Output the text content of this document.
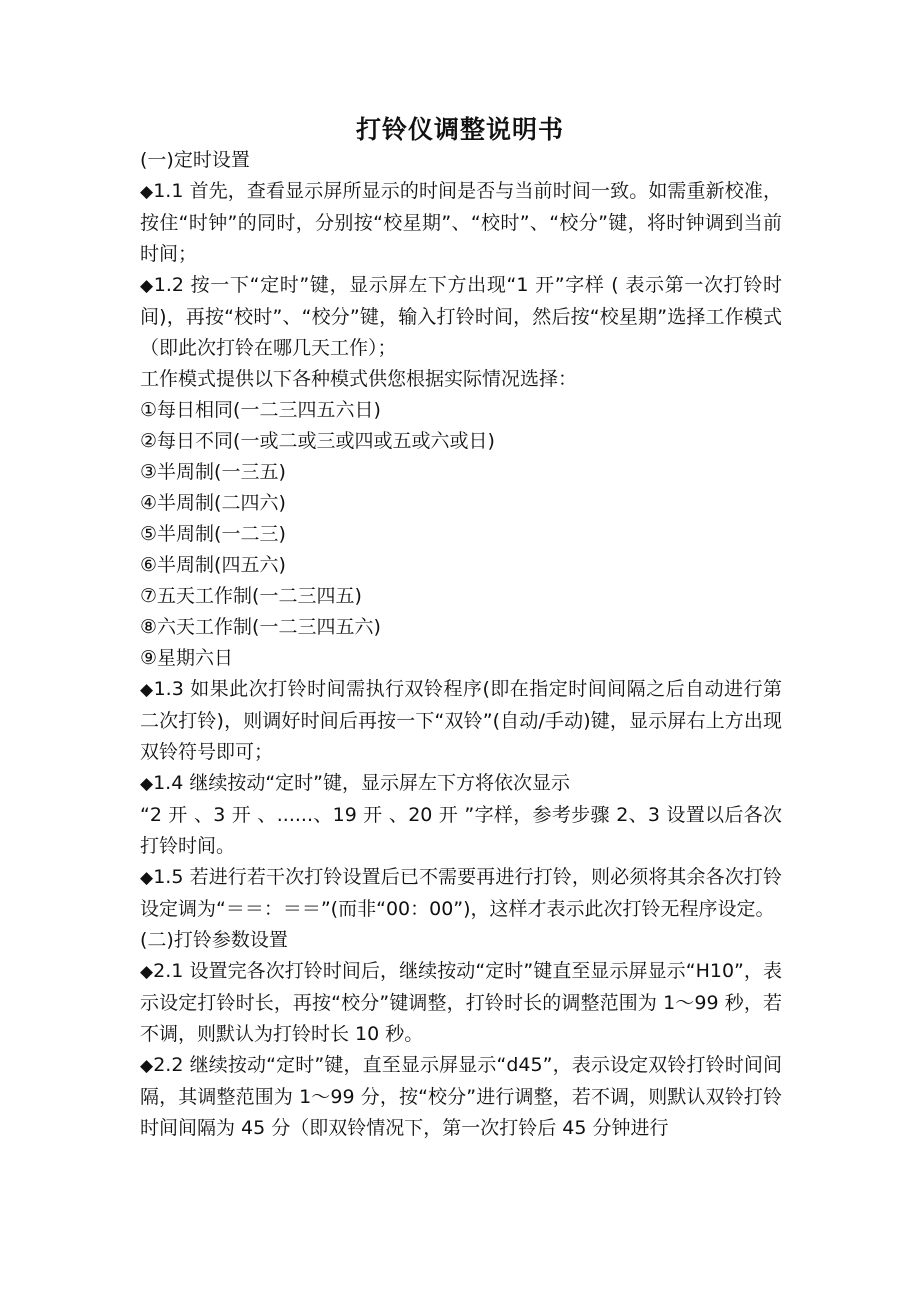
打铃仪调整说明书

(一)定时设置

◆1.1 首先，查看显示屏所显示的时间是否与当前时间一致。如需重新校准，按住“时钟”的同时，分别按“校星期”、“校时”、“校分”键，将时钟调到当前时间；

◆1.2 按一下“定时”键，显示屏左下方出现“1 开”字样 ( 表示第一次打铃时间)，再按“校时”、“校分”键，输入打铃时间，然后按“校星期”选择工作模式（即此次打铃在哪几天工作）；

工作模式提供以下各种模式供您根据实际情况选择：

①每日相同(一二三四五六日)

②每日不同(一或二或三或四或五或六或日)

③半周制(一三五)

④半周制(二四六)

⑤半周制(一二三)

⑥半周制(四五六)

⑦五天工作制(一二三四五)

⑧六天工作制(一二三四五六)

⑨星期六日

◆1.3 如果此次打铃时间需执行双铃程序(即在指定时间间隔之后自动进行第二次打铃)，则调好时间后再按一下“双铃”(自动/手动)键，显示屏右上方出现双铃符号即可；

◆1.4 继续按动“定时”键，显示屏左下方将依次显示

“2 开 、3 开 、......、19 开 、20 开 ”字样，参考步骤 2、3 设置以后各次打铃时间。

◆1.5 若进行若干次打铃设置后已不需要再进行打铃，则必须将其余各次打铃设定调为“＝＝：＝＝”(而非“00：00”)，这样才表示此次打铃无程序设定。

(二)打铃参数设置

◆2.1 设置完各次打铃时间后，继续按动“定时”键直至显示屏显示“H10”，表示设定打铃时长，再按“校分”键调整，打铃时长的调整范围为 1～99 秒，若不调，则默认为打铃时长 10 秒。

◆2.2 继续按动“定时”键，直至显示屏显示“d45”，表示设定双铃打铃时间间隔，其调整范围为 1～99 分，按“校分”进行调整，若不调，则默认双铃打铃时间间隔为 45 分（即双铃情况下，第一次打铃后 45 分钟进行
